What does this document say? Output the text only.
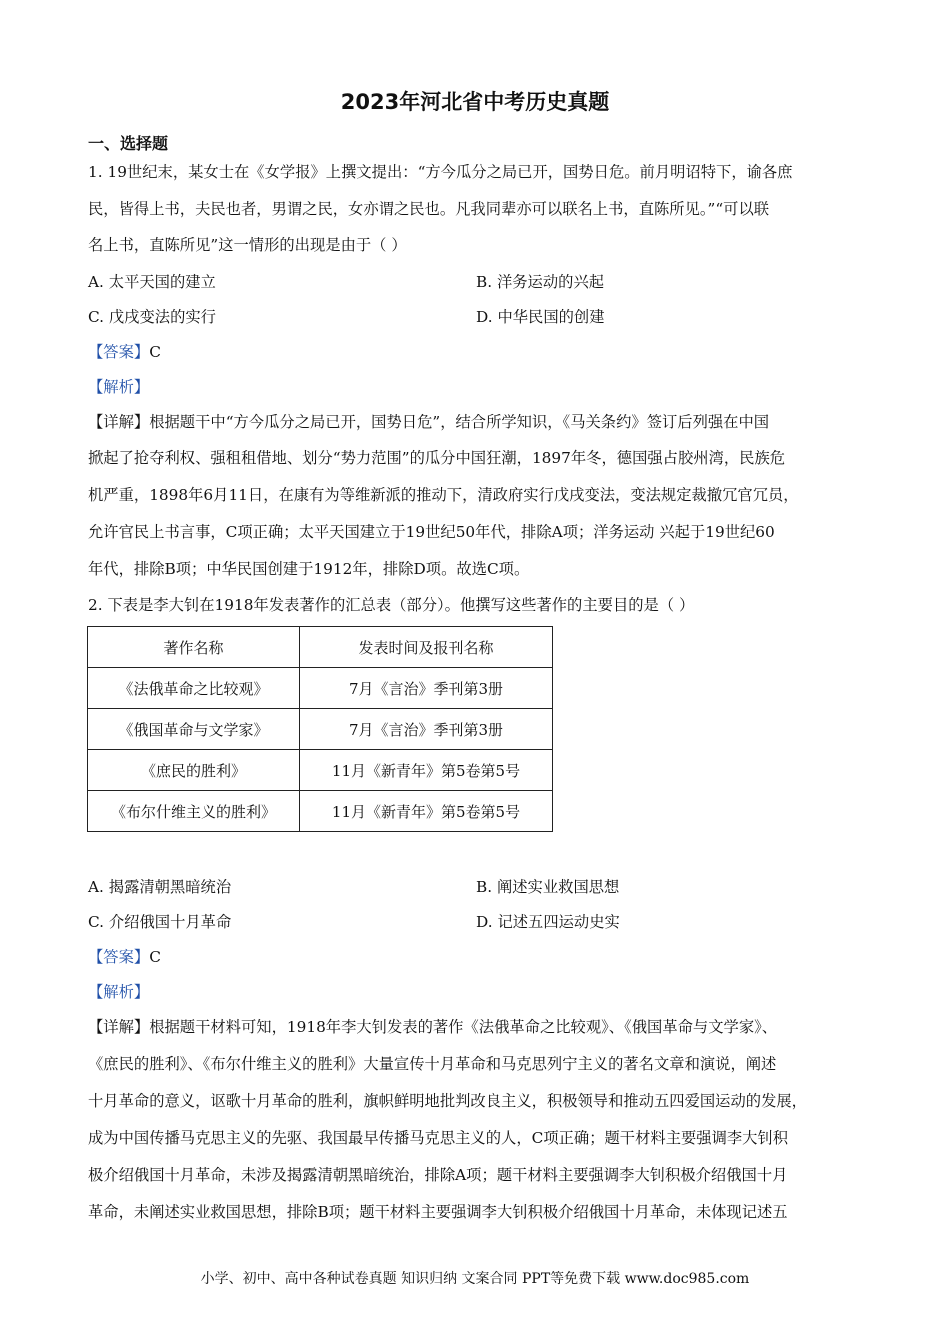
2023年河北省中考历史真题
一、选择题
1. 19世纪末，某女士在《女学报》上撰文提出：“方今瓜分之局已开，国势日危。前月明诏特下，谕各庶
民，皆得上书，夫民也者，男谓之民，女亦谓之民也。凡我同辈亦可以联名上书，直陈所见。”“可以联
名上书，直陈所见”这一情形的出现是由于（ ）
A. 太平天国的建立	B. 洋务运动的兴起
C. 戊戌变法的实行	D. 中华民国的创建
【答案】C
【解析】
【详解】根据题干中“方今瓜分之局已开，国势日危”，结合所学知识，《马关条约》签订后列强在中国
掀起了抢夺利权、强租租借地、划分“势力范围”的瓜分中国狂潮，1897年冬，德国强占胶州湾，民族危
机严重，1898年6月11日，在康有为等维新派的推动下，清政府实行戊戌变法，变法规定裁撤冗官冗员，
允许官民上书言事，C项正确；太平天国建立于19世纪50年代，排除A项；洋务运动 兴起于19世纪60
年代，排除B项；中华民国创建于1912年，排除D项。故选C项。
2. 下表是李大钊在1918年发表著作的汇总表（部分）。他撰写这些著作的主要目的是（ ）
著作名称	发表时间及报刊名称
《法俄革命之比较观》	7月《言治》季刊第3册
《俄国革命与文学家》	7月《言治》季刊第3册
《庶民的胜利》	11月《新青年》第5卷第5号
《布尔什维主义的胜利》	11月《新青年》第5卷第5号
A. 揭露清朝黑暗统治	B. 阐述实业救国思想
C. 介绍俄国十月革命	D. 记述五四运动史实
【答案】C
【解析】
【详解】根据题干材料可知，1918年李大钊发表的著作《法俄革命之比较观》、《俄国革命与文学家》、
《庶民的胜利》、《布尔什维主义的胜利》大量宣传十月革命和马克思列宁主义的著名文章和演说，阐述
十月革命的意义，讴歌十月革命的胜利，旗帜鲜明地批判改良主义，积极领导和推动五四爱国运动的发展，
成为中国传播马克思主义的先驱、我国最早传播马克思主义的人，C项正确；题干材料主要强调李大钊积
极介绍俄国十月革命，未涉及揭露清朝黑暗统治，排除A项；题干材料主要强调李大钊积极介绍俄国十月
革命，未阐述实业救国思想，排除B项；题干材料主要强调李大钊积极介绍俄国十月革命，未体现记述五
小学、初中、高中各种试卷真题 知识归纳 文案合同 PPT等免费下载 www.doc985.com
